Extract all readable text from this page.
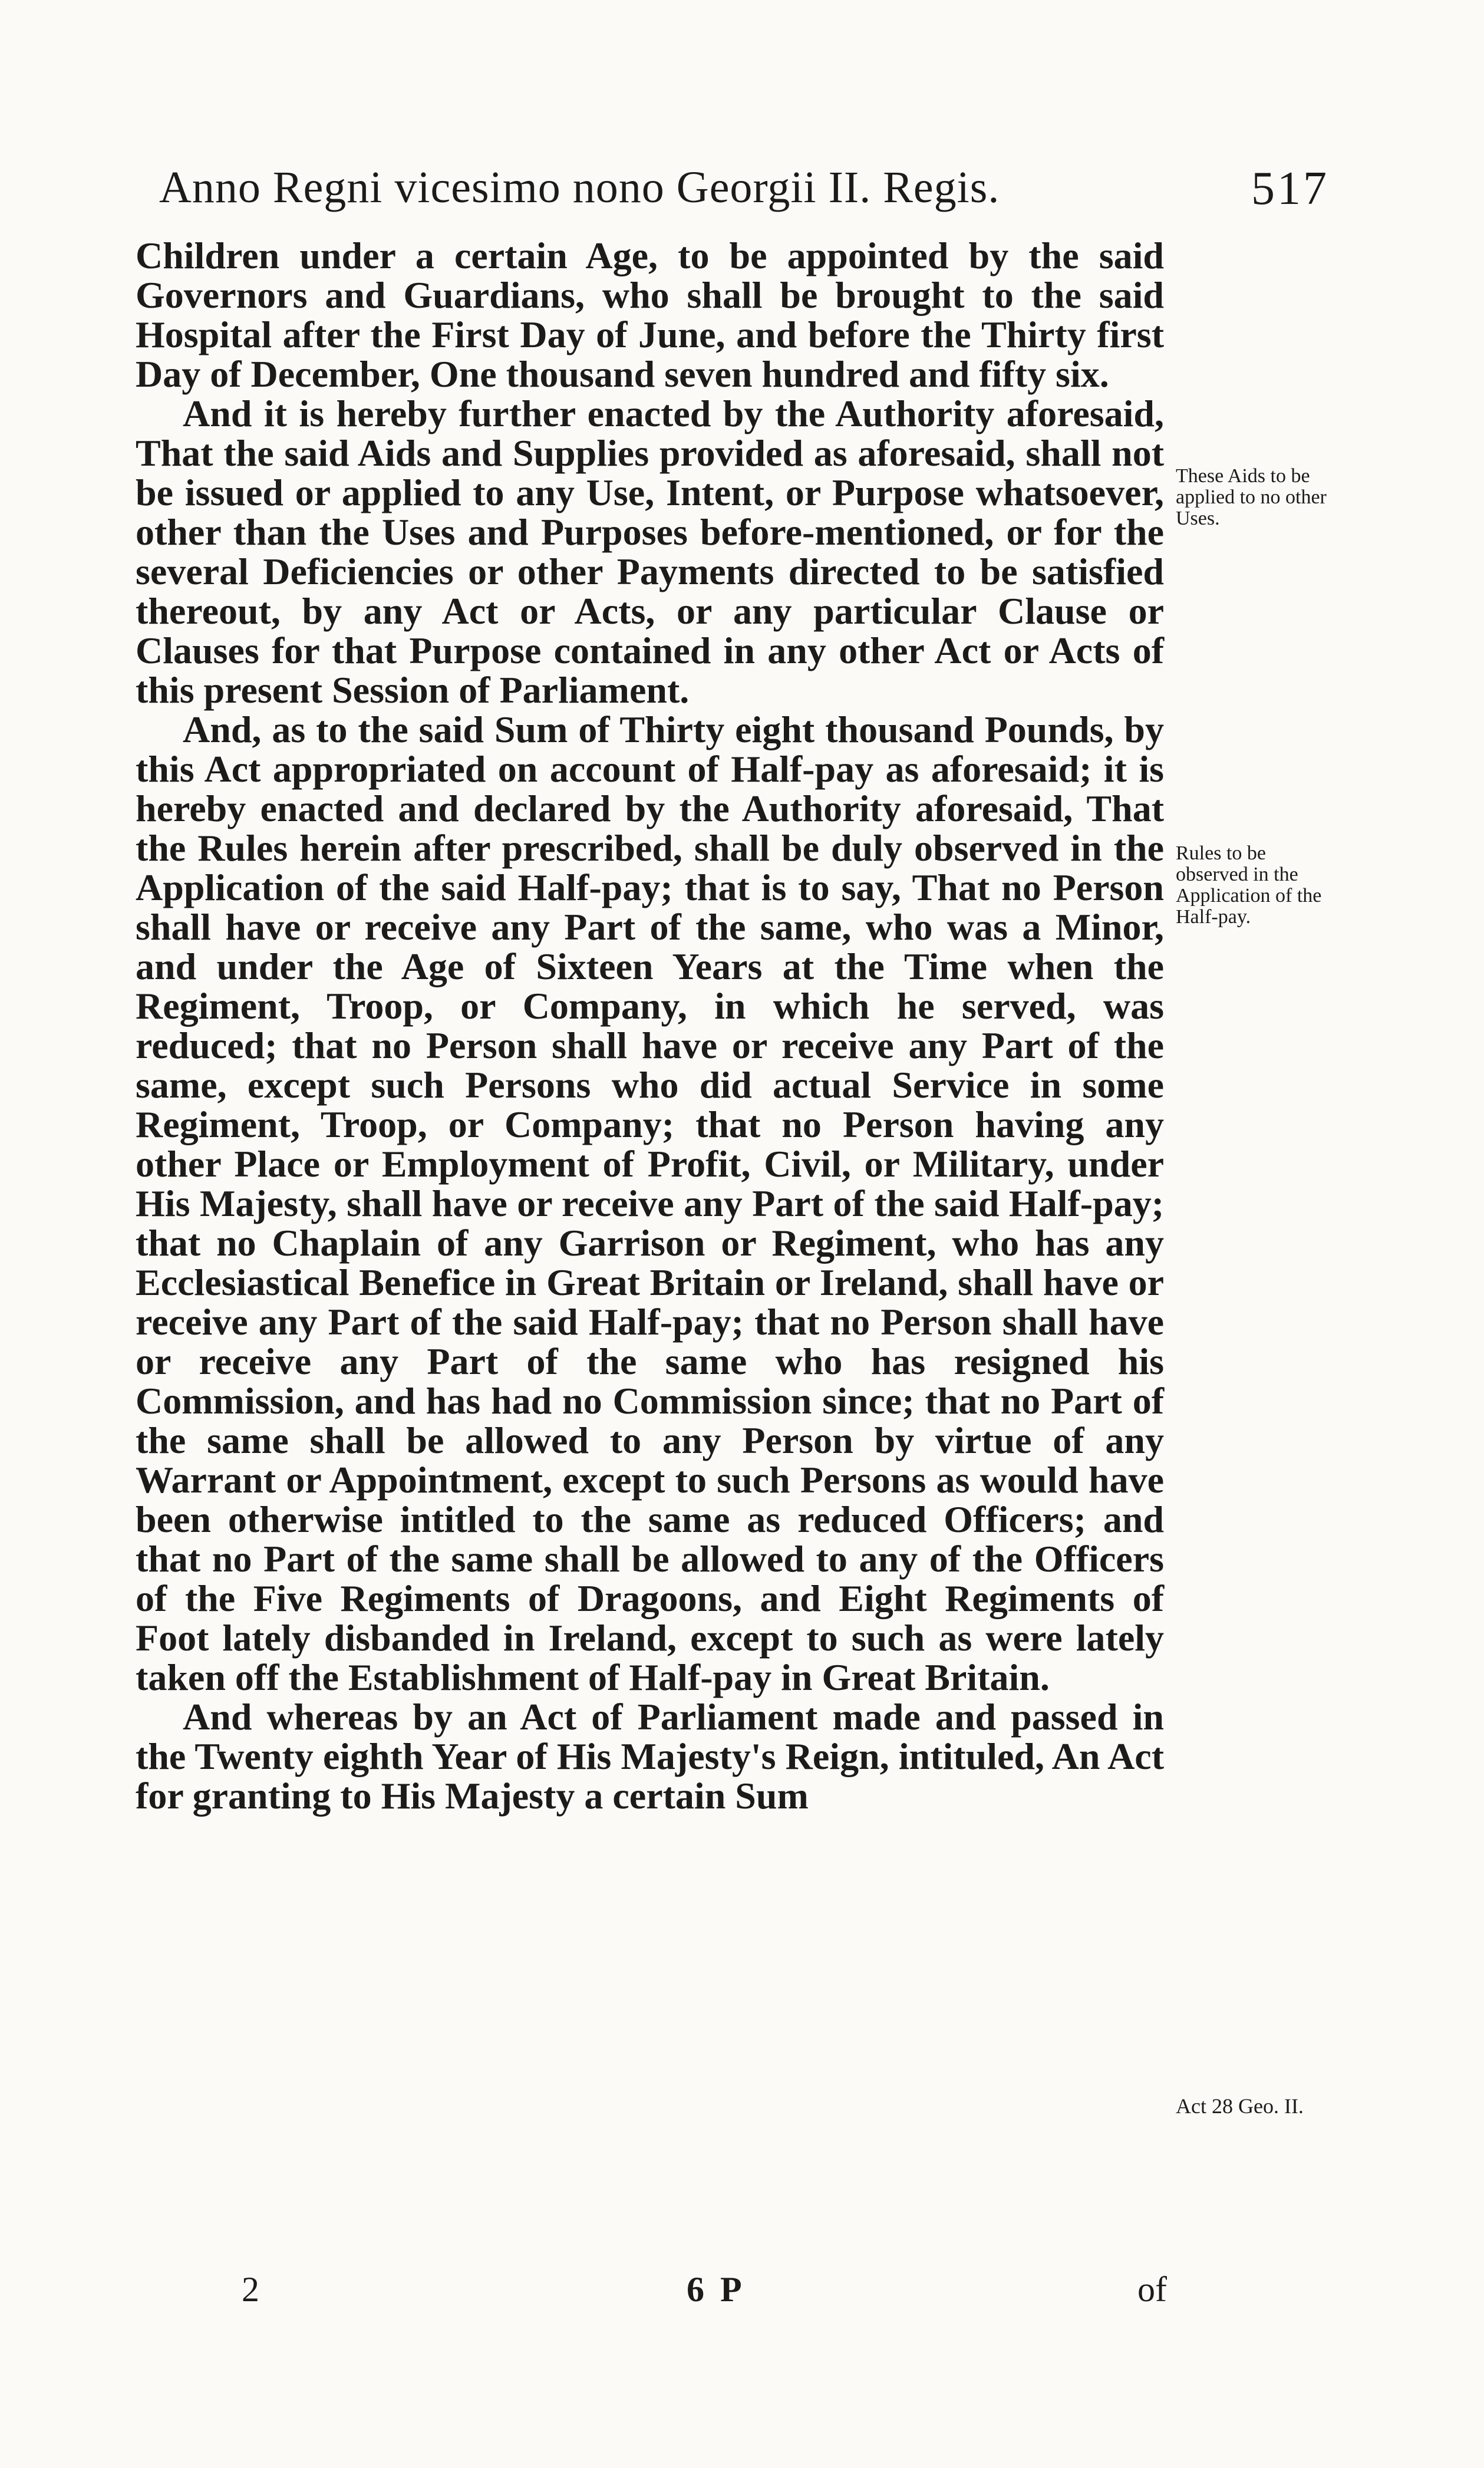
Anno Regni vicesimo nono Georgii II. Regis.	517

Children under a certain Age, to be appointed by the said Governors and Guardians, who shall be brought to the said Hospital after the First Day of June, and before the Thirty first Day of December, One thousand seven hundred and fifty six.

And it is hereby further enacted by the Authority aforesaid, That the said Aids and Supplies provided as aforesaid, shall not be issued or applied to any Use, Intent, or Purpose whatsoever, other than the Uses and Purposes before-mentioned, or for the several Deficiencies or other Payments directed to be satisfied thereout, by any Act or Acts, or any particular Clause or Clauses for that Purpose contained in any other Act or Acts of this present Session of Parliament.

And, as to the said Sum of Thirty eight thousand Pounds, by this Act appropriated on account of Half-pay as aforesaid; it is hereby enacted and declared by the Authority aforesaid, That the Rules herein after prescribed, shall be duly observed in the Application of the said Half-pay; that is to say, That no Person shall have or receive any Part of the same, who was a Minor, and under the Age of Sixteen Years at the Time when the Regiment, Troop, or Company, in which he served, was reduced; that no Person shall have or receive any Part of the same, except such Persons who did actual Service in some Regiment, Troop, or Company; that no Person having any other Place or Employment of Profit, Civil, or Military, under His Majesty, shall have or receive any Part of the said Half-pay; that no Chaplain of any Garrison or Regiment, who has any Ecclesiastical Benefice in Great Britain or Ireland, shall have or receive any Part of the said Half-pay; that no Person shall have or receive any Part of the same who has resigned his Commission, and has had no Commission since; that no Part of the same shall be allowed to any Person by virtue of any Warrant or Appointment, except to such Persons as would have been otherwise intitled to the same as reduced Officers; and that no Part of the same shall be allowed to any of the Officers of the Five Regiments of Dragoons, and Eight Regiments of Foot lately disbanded in Ireland, except to such as were lately taken off the Establishment of Half-pay in Great Britain.

And whereas by an Act of Parliament made and passed in the Twenty eighth Year of His Majesty's Reign, intituled, An Act for granting to His Majesty a certain Sum

These Aids to be applied to no other Uses.
Rules to be observed in the Application of the Half-pay.
Act 28 Geo. II.
2	6 P	of
